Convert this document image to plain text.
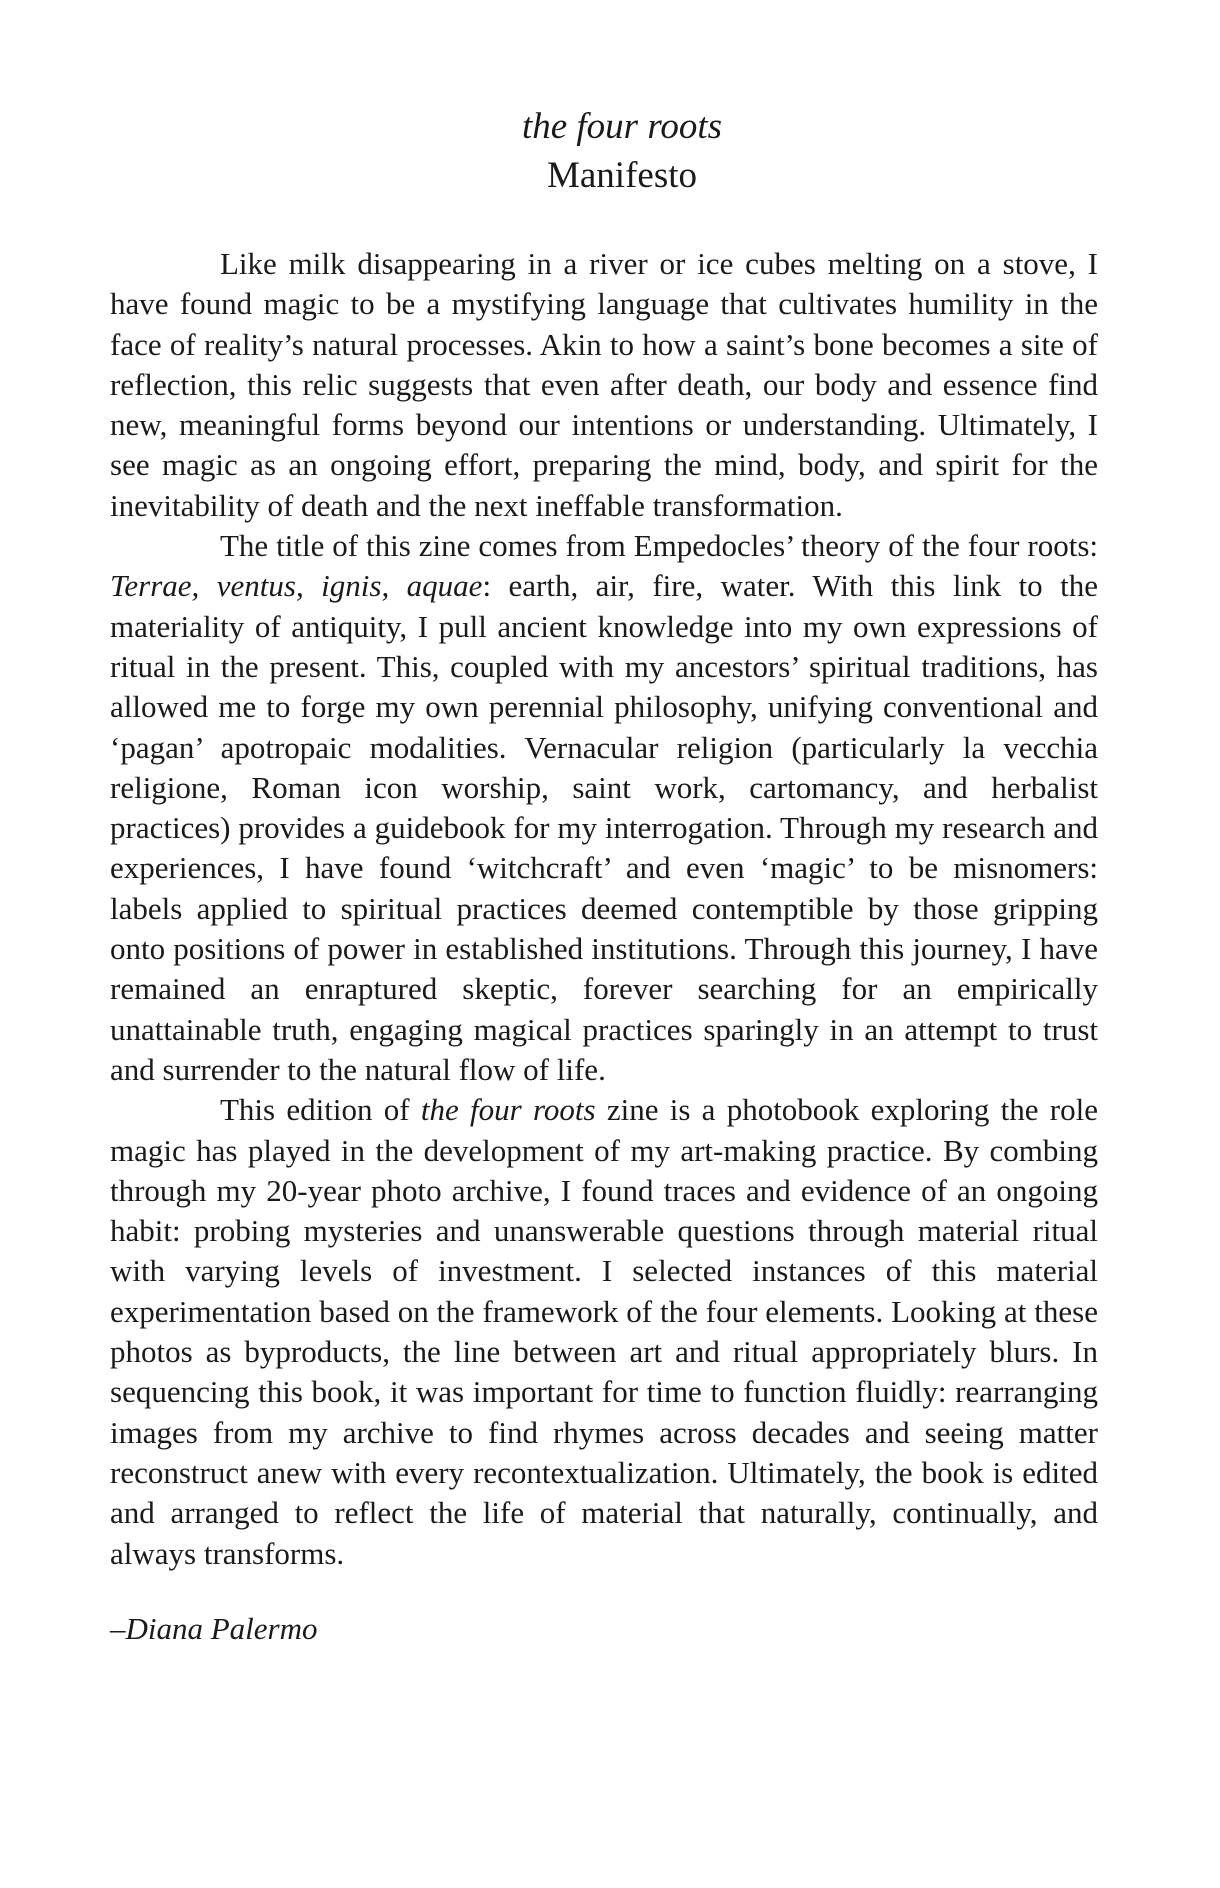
the four roots

Manifesto

Like milk disappearing in a river or ice cubes melting on a stove, I have found magic to be a mystifying language that cultivates humility in the face of reality’s natural processes. Akin to how a saint’s bone becomes a site of reflection, this relic suggests that even after death, our body and essence find new, meaningful forms beyond our intentions or understanding. Ultimately, I see magic as an ongoing effort, preparing the mind, body, and spirit for the inevitability of death and the next ineffable transformation.

The title of this zine comes from Empedocles’ theory of the four roots: Terrae, ventus, ignis, aquae: earth, air, fire, water. With this link to the materiality of antiquity, I pull ancient knowledge into my own expressions of ritual in the present. This, coupled with my ancestors’ spiritual traditions, has allowed me to forge my own perennial philosophy, unifying conventional and ‘pagan’ apotropaic modalities. Vernacular religion (particularly la vecchia religione, Roman icon worship, saint work, cartomancy, and herbalist practices) provides a guidebook for my interrogation. Through my research and experiences, I have found ‘witchcraft’ and even ‘magic’ to be misnomers: labels applied to spiritual practices deemed contemptible by those gripping onto positions of power in established institutions. Through this journey, I have remained an enraptured skeptic, forever searching for an empirically unattainable truth, engaging magical practices sparingly in an attempt to trust and surrender to the natural flow of life.

This edition of the four roots zine is a photobook exploring the role magic has played in the development of my art-making practice. By combing through my 20-year photo archive, I found traces and evidence of an ongoing habit: probing mysteries and unanswerable questions through material ritual with varying levels of investment. I selected instances of this material experimentation based on the framework of the four elements. Looking at these photos as byproducts, the line between art and ritual appropriately blurs. In sequencing this book, it was important for time to function fluidly: rearranging images from my archive to find rhymes across decades and seeing matter reconstruct anew with every recontextualization. Ultimately, the book is edited and arranged to reflect the life of material that naturally, continually, and always transforms.

–Diana Palermo
